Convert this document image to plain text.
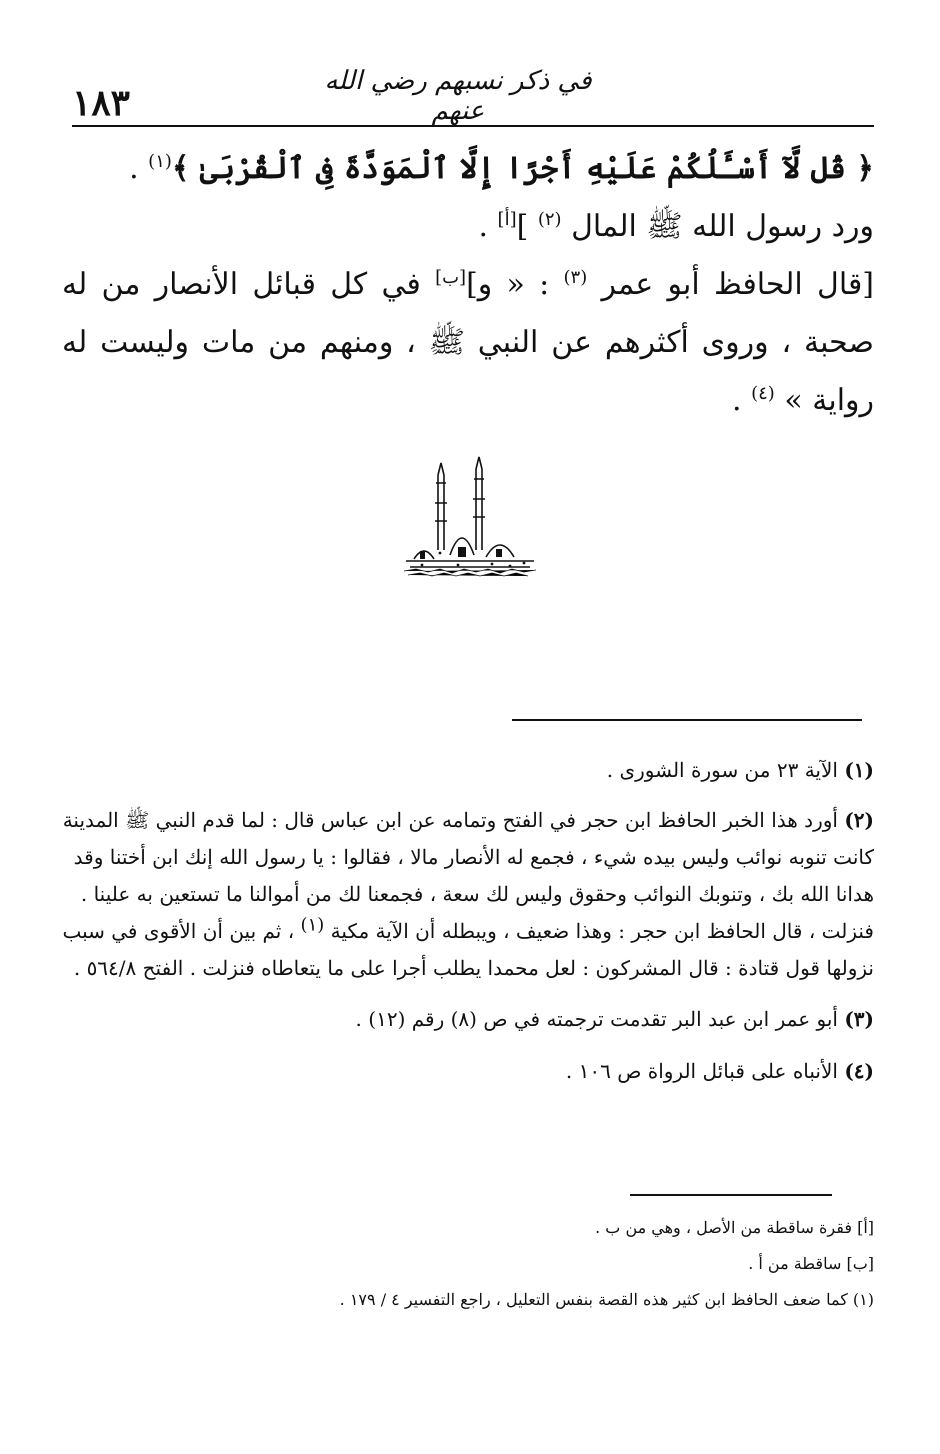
١٨٣
في ذكر نسبهم رضي الله عنهم

﴿ قُل لَّآ أَسْـَٔلُكُمْ عَلَيْهِ أَجْرًا إِلَّا ٱلْمَوَدَّةَ فِى ٱلْقُرْبَىٰ ﴾$^{(١)}$ .

ورد رسول الله ﷺ المال $^{(٢)}$ ][أ] .

[قال الحافظ أبو عمر $^{(٣)}$ : « و][ب] في كل قبائل الأنصار من له صحبة ، وروى أكثرهم عن النبي ﷺ ، ومنهم من مات وليست له رواية » $^{(٤)}$ .

(١) الآية ٢٣ من سورة الشورى .

(٢) أورد هذا الخبر الحافظ ابن حجر في الفتح وتمامه عن ابن عباس قال : لما قدم النبي ﷺ المدينة كانت تنوبه نوائب وليس بيده شيء ، فجمع له الأنصار مالا ، فقالوا : يا رسول الله إنك ابن أختنا وقد هدانا الله بك ، وتنوبك النوائب وحقوق وليس لك سعة ، فجمعنا لك من أموالنا ما تستعين به علينا . فنزلت ، قال الحافظ ابن حجر : وهذا ضعيف ، ويبطله أن الآية مكية (١) ، ثم بين أن الأقوى في سبب نزولها قول قتادة : قال المشركون : لعل محمدا يطلب أجرا على ما يتعاطاه فنزلت . الفتح ٥٦٤/٨ .

(٣) أبو عمر ابن عبد البر تقدمت ترجمته في ص (٨) رقم (١٢) .

(٤) الأنباه على قبائل الرواة ص ١٠٦ .

[أ] فقرة ساقطة من الأصل ، وهي من ب .

[ب] ساقطة من أ .

(١) كما ضعف الحافظ ابن كثير هذه القصة بنفس التعليل ، راجع التفسير ٤ / ١٧٩ .
